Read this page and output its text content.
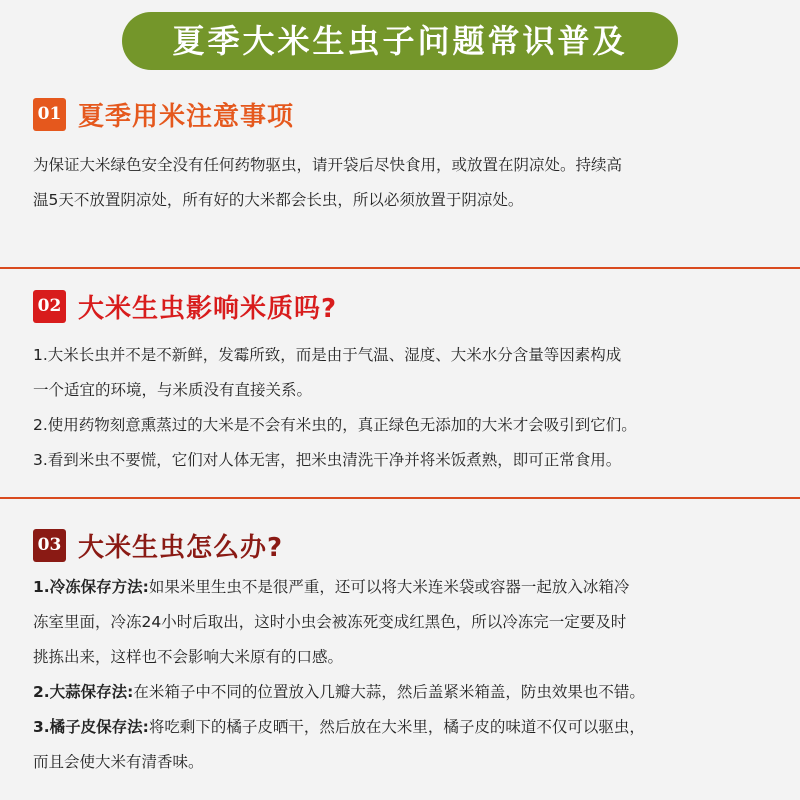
夏季大米生虫子问题常识普及
01 夏季用米注意事项

为保证大米绿色安全没有任何药物驱虫，请开袋后尽快食用，或放置在阴凉处。持续高

温5天不放置阴凉处，所有好的大米都会长虫，所以必须放置于阴凉处。

02 大米生虫影响米质吗?

1.大米长虫并不是不新鲜，发霉所致，而是由于气温、湿度、大米水分含量等因素构成

一个适宜的环境，与米质没有直接关系。

2.使用药物刻意熏蒸过的大米是不会有米虫的，真正绿色无添加的大米才会吸引到它们。

3.看到米虫不要慌，它们对人体无害，把米虫清洗干净并将米饭煮熟，即可正常食用。

03 大米生虫怎么办?

1.冷冻保存方法:如果米里生虫不是很严重，还可以将大米连米袋或容器一起放入冰箱冷

冻室里面，冷冻24小时后取出，这时小虫会被冻死变成红黑色，所以冷冻完一定要及时

挑拣出来，这样也不会影响大米原有的口感。

2.大蒜保存法:在米箱子中不同的位置放入几瓣大蒜，然后盖紧米箱盖，防虫效果也不错。

3.橘子皮保存法:将吃剩下的橘子皮晒干，然后放在大米里，橘子皮的味道不仅可以驱虫，

而且会使大米有清香味。
